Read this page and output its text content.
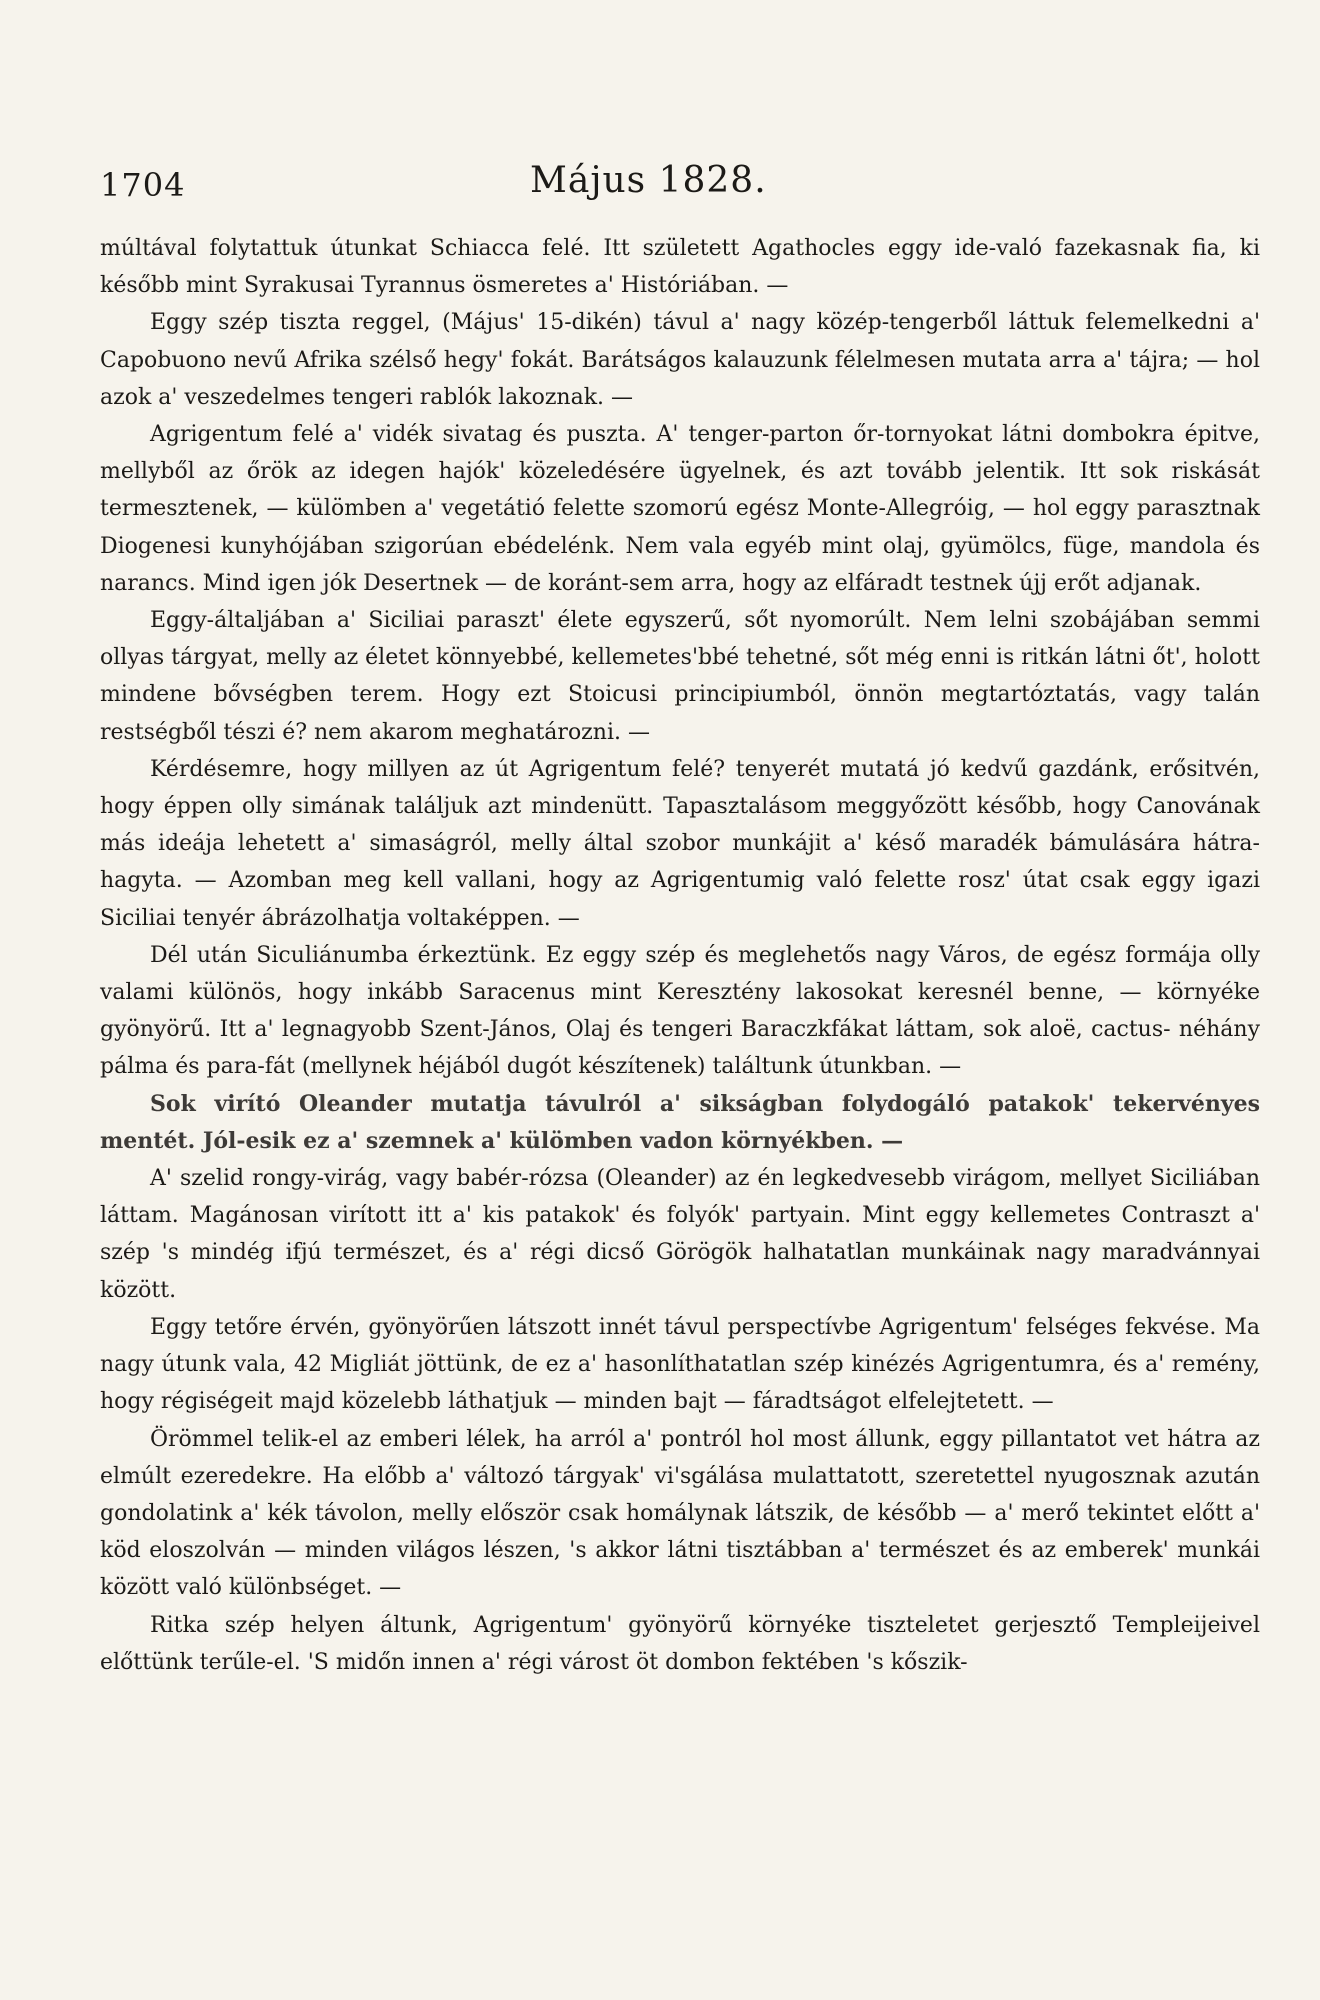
1704	Május 1828.

múltával folytattuk útunkat Schiacca felé. Itt született Agathocles eggy ide-való fazekasnak fia, ki később mint Syrakusai Tyrannus ösmeretes a' Históriában. —

Eggy szép tiszta reggel, (Május' 15-dikén) távul a' nagy közép-tengerből láttuk felemelkedni a' Capobuono nevű Afrika szélső hegy' fokát. Barátságos kalauzunk félelmesen mutata arra a' tájra; — hol azok a' veszedelmes tengeri rablók lakoznak. —

Agrigentum felé a' vidék sivatag és puszta. A' tenger-parton őr-tornyokat látni dombokra épitve, mellyből az őrök az idegen hajók' közeledésére ügyelnek, és azt tovább jelentik. Itt sok riskását termesztenek, — külömben a' vegetátió felette szomorú egész Monte-Allegróig, — hol eggy parasztnak Diogenesi kunyhójában szigorúan ebédelénk. Nem vala egyéb mint olaj, gyümölcs, füge, mandola és narancs. Mind igen jók Desertnek — de koránt-sem arra, hogy az elfáradt testnek újj erőt adjanak.

Eggy-általjában a' Siciliai paraszt' élete egyszerű, sőt nyomorúlt. Nem lelni szobájában semmi ollyas tárgyat, melly az életet könnyebbé, kellemetes'bbé tehetné, sőt még enni is ritkán látni őt', holott mindene bővségben terem. Hogy ezt Stoicusi principiumból, önnön megtartóztatás, vagy talán restségből tészi é? nem akarom meghatározni. —

Kérdésemre, hogy millyen az út Agrigentum felé? tenyerét mutatá jó kedvű gazdánk, erősitvén, hogy éppen olly simának találjuk azt mindenütt. Tapasztalásom meggyőzött később, hogy Canovának más ideája lehetett a' simaságról, melly által szobor munkájit a' késő maradék bámulására hátra-hagyta. — Azomban meg kell vallani, hogy az Agrigentumig való felette rosz' útat csak eggy igazi Siciliai tenyér ábrázolhatja voltaképpen. —

Dél után Siculiánumba érkeztünk. Ez eggy szép és meglehetős nagy Város, de egész formája olly valami különös, hogy inkább Saracenus mint Keresztény lakosokat keresnél benne, — környéke gyönyörű. Itt a' legnagyobb Szent-János, Olaj és tengeri Baraczkfákat láttam, sok aloë, cactus- néhány pálma és para-fát (mellynek héjából dugót készítenek) találtunk útunkban. —

Sok virító Oleander mutatja távulról a' sikságban folydogáló patakok' tekervényes mentét. Jól-esik ez a' szemnek a' külömben vadon környékben. —

A' szelid rongy-virág, vagy babér-rózsa (Oleander) az én legkedvesebb virágom, mellyet Siciliában láttam. Magánosan virított itt a' kis patakok' és folyók' partyain. Mint eggy kellemetes Contraszt a' szép 's mindég ifjú természet, és a' régi dicső Görögök halhatatlan munkáinak nagy maradvánnyai között.

Eggy tetőre érvén, gyönyörűen látszott innét távul perspectívbe Agrigentum' felséges fekvése. Ma nagy útunk vala, 42 Migliát jöttünk, de ez a' hasonlíthatatlan szép kinézés Agrigentumra, és a' remény, hogy régiségeit majd közelebb láthatjuk — minden bajt — fáradtságot elfelejtetett. —

Örömmel telik-el az emberi lélek, ha arról a' pontról hol most állunk, eggy pillantatot vet hátra az elmúlt ezeredekre. Ha előbb a' változó tárgyak' vi'sgálása mulattatott, szeretettel nyugosznak azután gondolatink a' kék távolon, melly először csak homálynak látszik, de később — a' merő tekintet előtt a' köd eloszolván — minden világos lészen, 's akkor látni tisztábban a' természet és az emberek' munkái között való különbséget. —

Ritka szép helyen áltunk, Agrigentum' gyönyörű környéke tiszteletet gerjesztő Templeijeivel előttünk terűle-el. 'S midőn innen a' régi várost öt dombon fektében 's kőszik-
